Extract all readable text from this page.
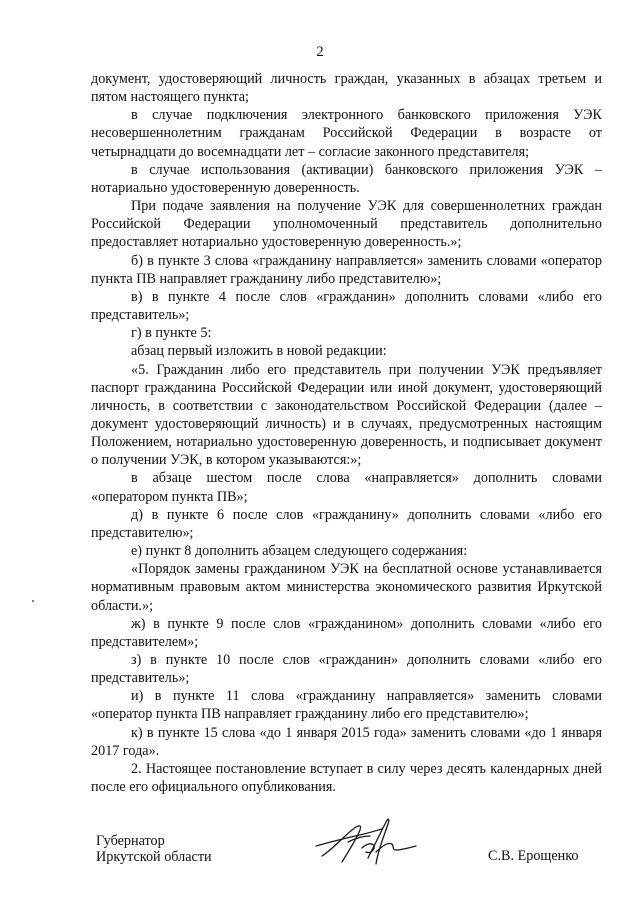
2

документ, удостоверяющий личность граждан, указанных в абзацах третьем и пятом настоящего пункта;

в случае подключения электронного банковского приложения УЭК несовершеннолетним гражданам Российской Федерации в возрасте от четырнадцати до восемнадцати лет – согласие законного представителя;

в случае использования (активации) банковского приложения УЭК – нотариально удостоверенную доверенность.

При подаче заявления на получение УЭК для совершеннолетних граждан Российской Федерации уполномоченный представитель дополнительно предоставляет нотариально удостоверенную доверенность.»;

б) в пункте 3 слова «гражданину направляется» заменить словами «оператор пункта ПВ направляет гражданину либо представителю»;

в) в пункте 4 после слов «гражданин» дополнить словами «либо его представитель»;

г) в пункте 5:

абзац первый изложить в новой редакции:

«5. Гражданин либо его представитель при получении УЭК предъявляет паспорт гражданина Российской Федерации или иной документ, удостоверяющий личность, в соответствии с законодательством Российской Федерации (далее – документ удостоверяющий личность) и в случаях, предусмотренных настоящим Положением, нотариально удостоверенную доверенность, и подписывает документ о получении УЭК, в котором указываются:»;

в абзаце шестом после слова «направляется» дополнить словами «оператором пункта ПВ»;

д) в пункте 6 после слов «гражданину» дополнить словами «либо его представителю»;

е) пункт 8 дополнить абзацем следующего содержания:

«Порядок замены гражданином УЭК на бесплатной основе устанавливается нормативным правовым актом министерства экономического развития Иркутской области.»;

ж) в пункте 9 после слов «гражданином» дополнить словами «либо его представителем»;

з) в пункте 10 после слов «гражданин» дополнить словами «либо его представитель»;

и) в пункте 11 слова «гражданину направляется» заменить словами «оператор пункта ПВ направляет гражданину либо его представителю»;

к) в пункте 15 слова «до 1 января 2015 года» заменить словами «до 1 января 2017 года».

2. Настоящее постановление вступает в силу через десять календарных дней после его официального опубликования.

Губернатор
Иркутской области	С.В. Ерощенко
